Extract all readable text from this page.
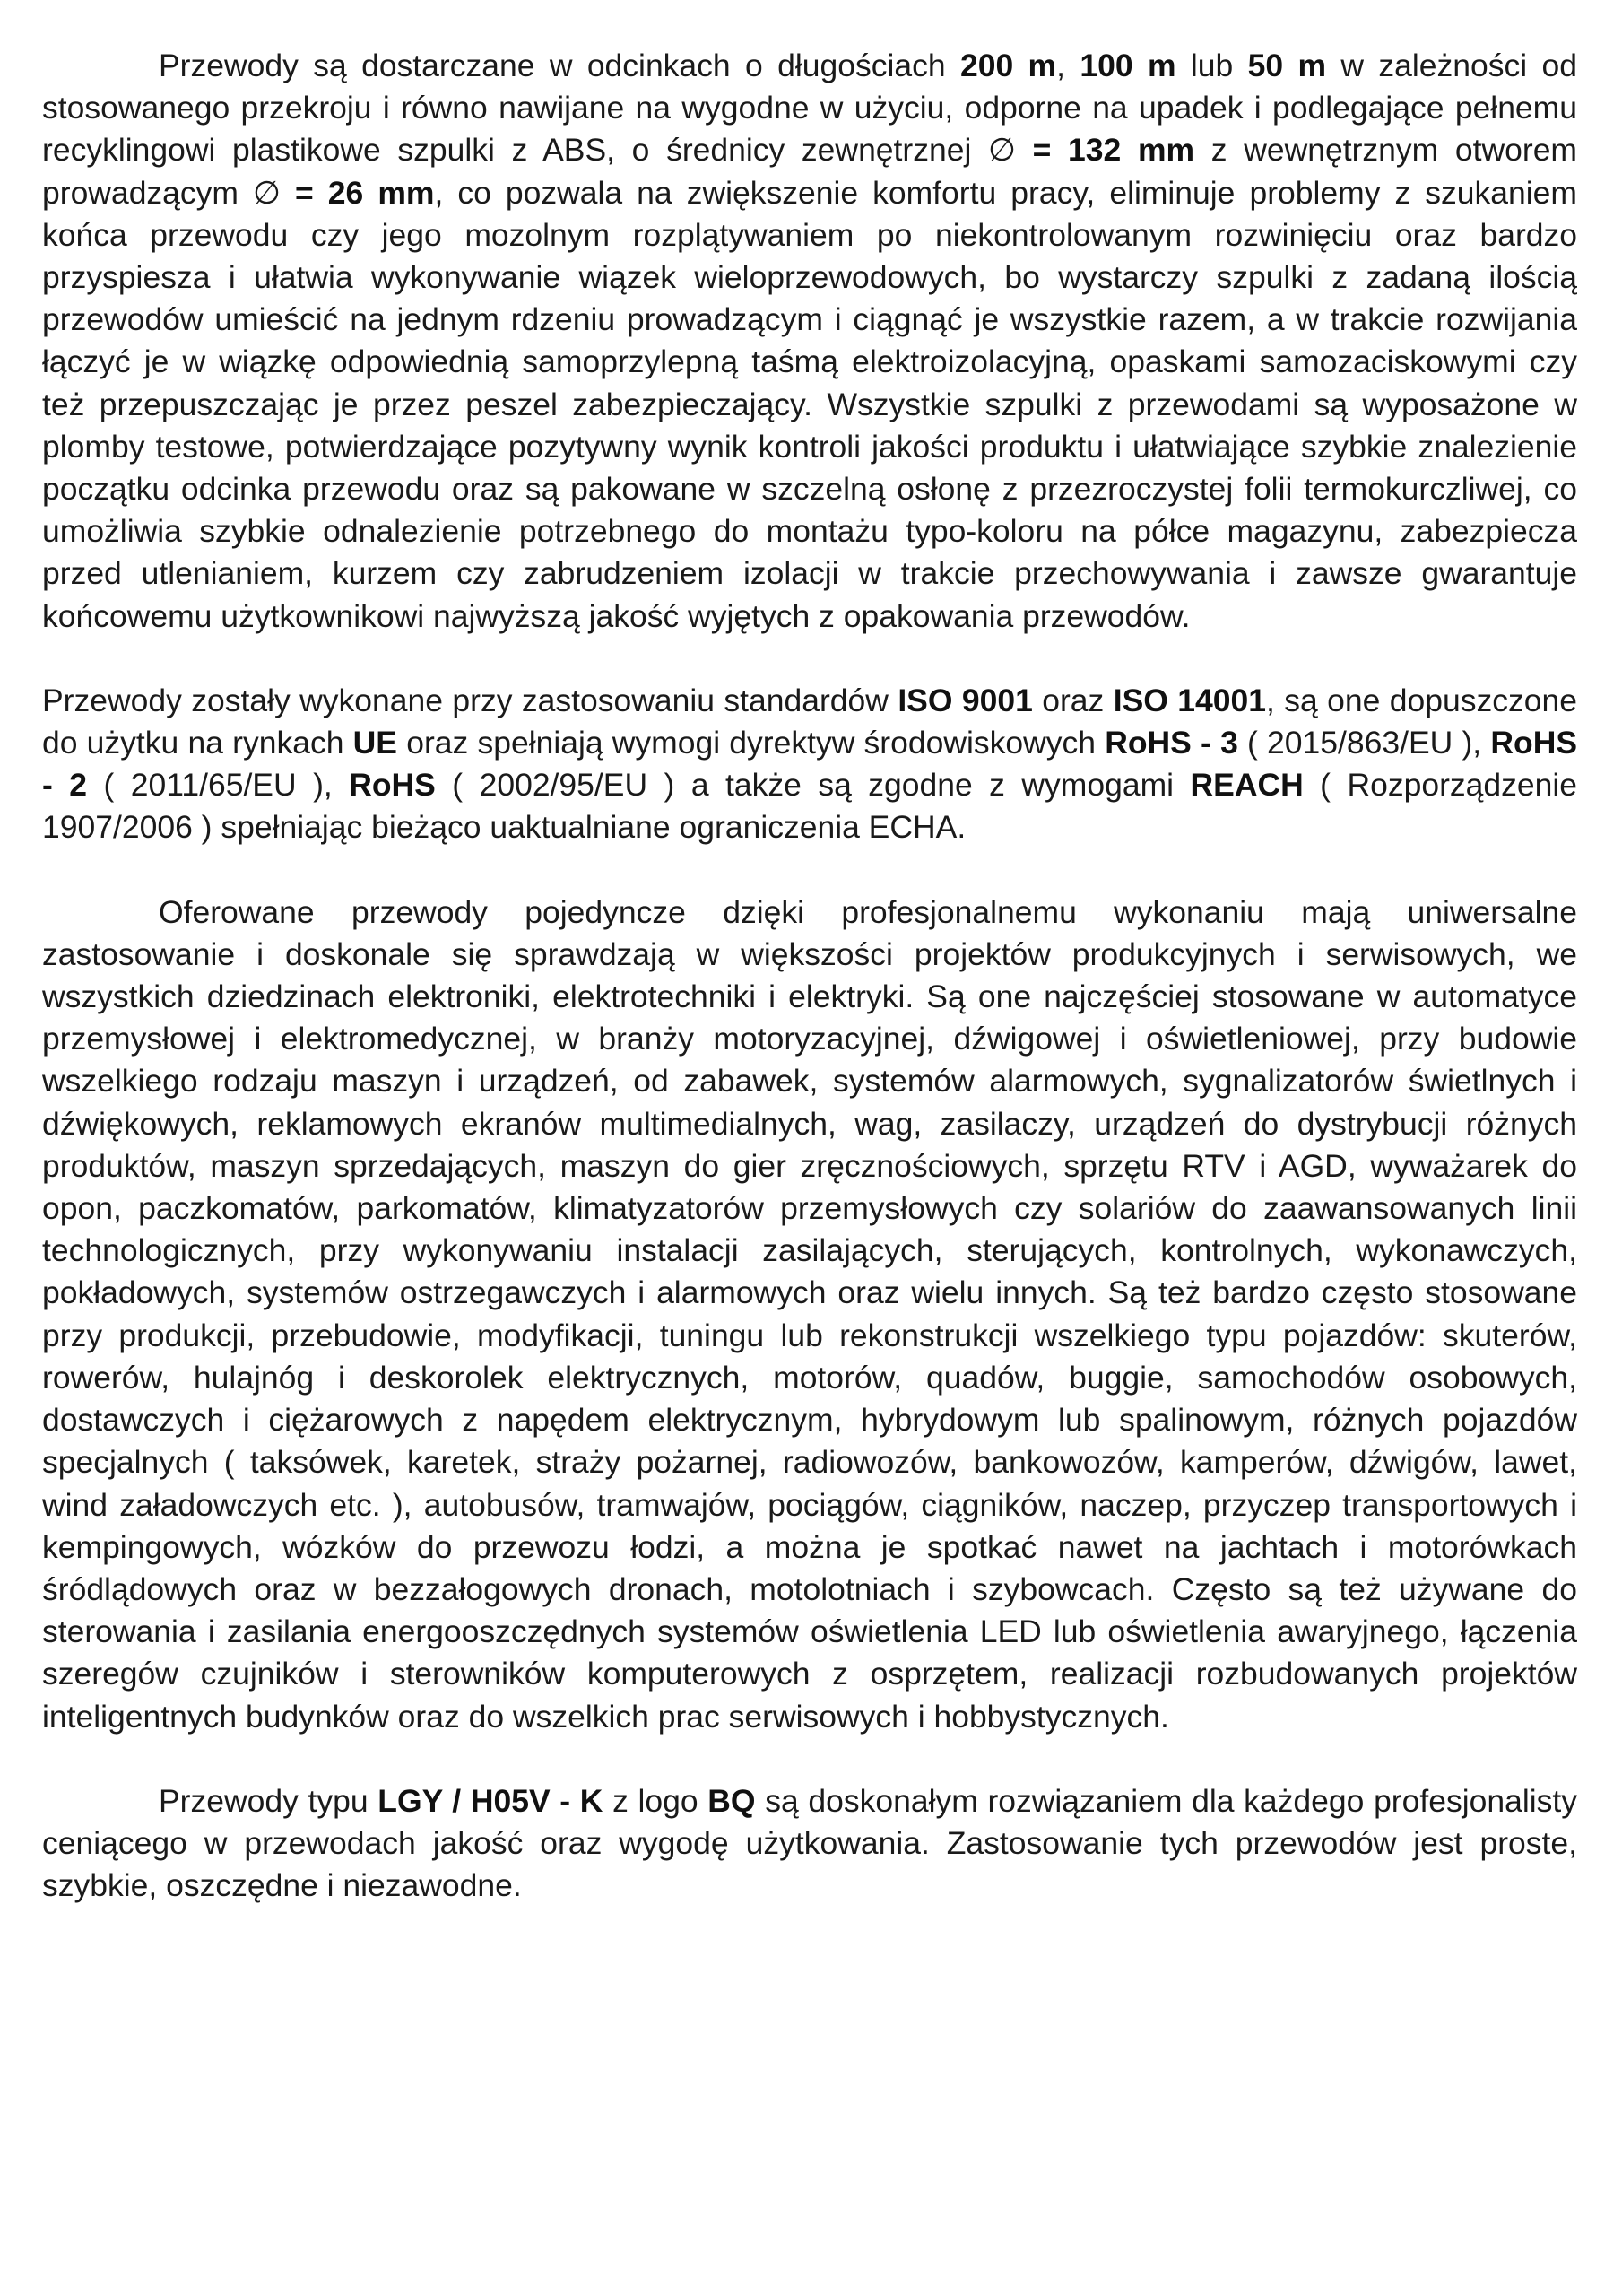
Przewody są dostarczane w odcinkach o długościach 200 m, 100 m lub 50 m w zależności od stosowanego przekroju i równo nawijane na wygodne w użyciu, odporne na upadek i podlegające pełnemu recyklingowi plastikowe szpulki z ABS, o średnicy zewnętrznej ∅ = 132 mm z wewnętrznym otworem prowadzącym ∅ = 26 mm, co pozwala na zwiększenie komfortu pracy, eliminuje problemy z szukaniem końca przewodu czy jego mozolnym rozplątywaniem po niekontrolowanym rozwinięciu oraz bardzo przyspiesza i ułatwia wykonywanie wiązek wieloprzewodowych, bo wystarczy szpulki z zadaną ilością przewodów umieścić na jednym rdzeniu prowadzącym i ciągnąć je wszystkie razem, a w trakcie rozwijania łączyć je w wiązkę odpowiednią samoprzylepną taśmą elektroizolacyjną, opaskami samozaciskowymi czy też przepuszczając je przez peszel zabezpieczający. Wszystkie szpulki z przewodami są wyposażone w plomby testowe, potwierdzające pozytywny wynik kontroli jakości produktu i ułatwiające szybkie znalezienie początku odcinka przewodu oraz są pakowane w szczelną osłonę z przezroczystej folii termokurczliwej, co umożliwia szybkie odnalezienie potrzebnego do montażu typo-koloru na półce magazynu, zabezpiecza przed utlenianiem, kurzem czy zabrudzeniem izolacji w trakcie przechowywania i zawsze gwarantuje końcowemu użytkownikowi najwyższą jakość wyjętych z opakowania przewodów.

Przewody zostały wykonane przy zastosowaniu standardów ISO 9001 oraz ISO 14001, są one dopuszczone do użytku na rynkach UE oraz spełniają wymogi dyrektyw środowiskowych RoHS - 3 ( 2015/863/EU ), RoHS - 2 ( 2011/65/EU ), RoHS ( 2002/95/EU ) a także są zgodne z wymogami REACH ( Rozporządzenie 1907/2006 ) spełniając bieżąco uaktualniane ograniczenia ECHA.

Oferowane przewody pojedyncze dzięki profesjonalnemu wykonaniu mają uniwersalne zastosowanie i doskonale się sprawdzają w większości projektów produkcyjnych i serwisowych, we wszystkich dziedzinach elektroniki, elektrotechniki i elektryki. Są one najczęściej stosowane w automatyce przemysłowej i elektromedycznej, w branży motoryzacyjnej, dźwigowej i oświetleniowej, przy budowie wszelkiego rodzaju maszyn i urządzeń, od zabawek, systemów alarmowych, sygnalizatorów świetlnych i dźwiękowych, reklamowych ekranów multimedialnych, wag, zasilaczy, urządzeń do dystrybucji różnych produktów, maszyn sprzedających, maszyn do gier zręcznościowych, sprzętu RTV i AGD, wyważarek do opon, paczkomatów, parkomatów, klimatyzatorów przemysłowych czy solariów do zaawansowanych linii technologicznych, przy wykonywaniu instalacji zasilających, sterujących, kontrolnych, wykonawczych, pokładowych, systemów ostrzegawczych i alarmowych oraz wielu innych. Są też bardzo często stosowane przy produkcji, przebudowie, modyfikacji, tuningu lub rekonstrukcji wszelkiego typu pojazdów: skuterów, rowerów, hulajnóg i deskorolek elektrycznych, motorów, quadów, buggie, samochodów osobowych, dostawczych i ciężarowych z napędem elektrycznym, hybrydowym lub spalinowym, różnych pojazdów specjalnych ( taksówek, karetek, straży pożarnej, radiowozów, bankowozów, kamperów, dźwigów, lawet, wind załadowczych etc. ), autobusów, tramwajów, pociągów, ciągników, naczep, przyczep transportowych i kempingowych, wózków do przewozu łodzi, a można je spotkać nawet na jachtach i motorówkach śródlądowych oraz w bezzałogowych dronach, motolotniach i szybowcach. Często są też używane do sterowania i zasilania energooszczędnych systemów oświetlenia LED lub oświetlenia awaryjnego, łączenia szeregów czujników i sterowników komputerowych z osprzętem, realizacji rozbudowanych projektów inteligentnych budynków oraz do wszelkich prac serwisowych i hobbystycznych.

Przewody typu LGY / H05V - K z logo BQ są doskonałym rozwiązaniem dla każdego profesjonalisty ceniącego w przewodach jakość oraz wygodę użytkowania. Zastosowanie tych przewodów jest proste, szybkie, oszczędne i niezawodne.
